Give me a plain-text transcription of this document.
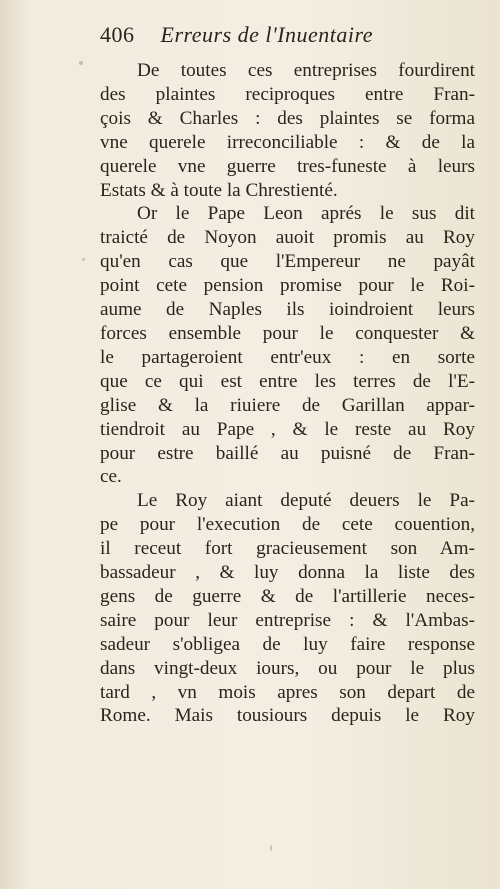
406 Erreurs de l'Inuentaire
De toutes ces entreprises fourdirent
des plaintes reciproques entre Fran-
çois & Charles : des plaintes se forma
vne querele irreconciliable : & de la
querele vne guerre tres-funeste à leurs
Estats & à toute la Chrestienté.
Or le Pape Leon aprés le sus dit
traicté de Noyon auoit promis au Roy
qu'en cas que l'Empereur ne payât
point cete pension promise pour le Roi-
aume de Naples ils ioindroient leurs
forces ensemble pour le conquester &
le partageroient entr'eux : en sorte
que ce qui est entre les terres de l'E-
glise & la riuiere de Garillan appar-
tiendroit au Pape , & le reste au Roy
pour estre baillé au puisné de Fran-
ce.
Le Roy aiant deputé deuers le Pa-
pe pour l'execution de cete couention,
il receut fort gracieusement son Am-
bassadeur , & luy donna la liste des
gens de guerre & de l'artillerie neces-
saire pour leur entreprise : & l'Ambas-
sadeur s'obligea de luy faire response
dans vingt-deux iours, ou pour le plus
tard , vn mois apres son depart de
Rome. Mais tousiours depuis le Roy
